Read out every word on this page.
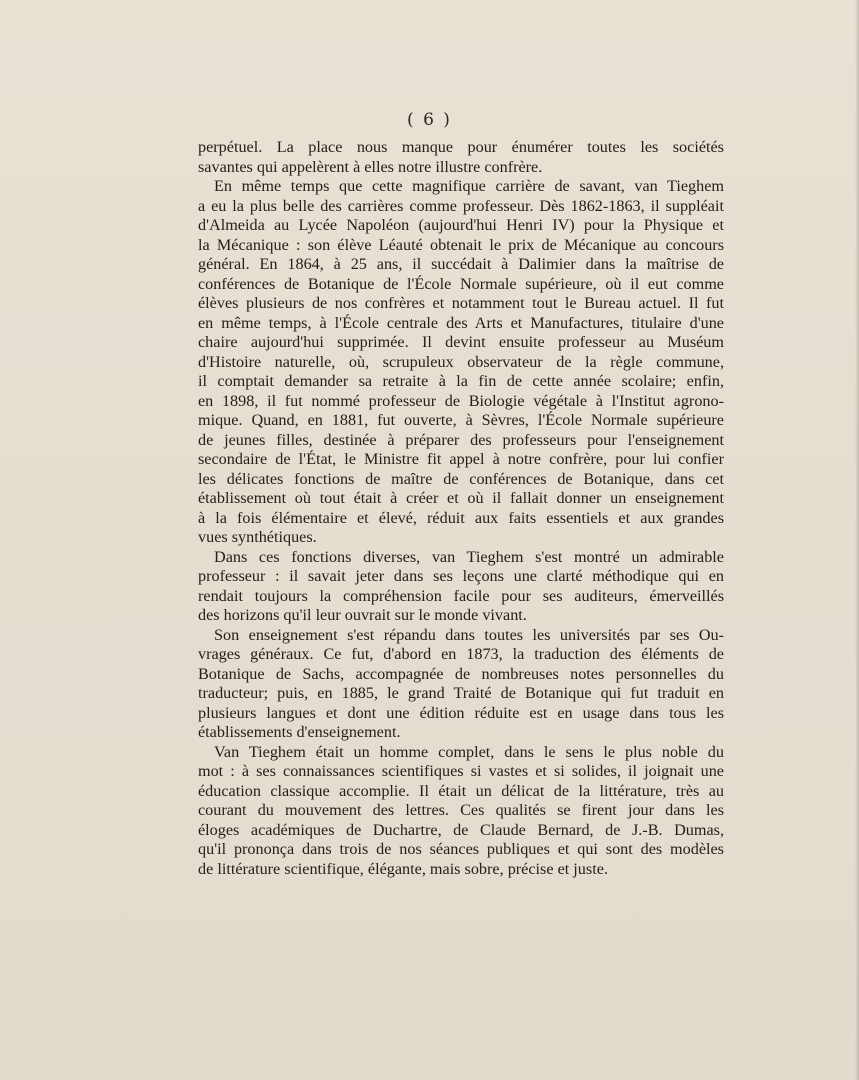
( 6 )
perpétuel. La place nous manque pour énumérer toutes les sociétés
savantes qui appelèrent à elles notre illustre confrère.
En même temps que cette magnifique carrière de savant, van Tieghem
a eu la plus belle des carrières comme professeur. Dès 1862-1863, il suppléait
d'Almeida au Lycée Napoléon (aujourd'hui Henri IV) pour la Physique et
la Mécanique : son élève Léauté obtenait le prix de Mécanique au concours
général. En 1864, à 25 ans, il succédait à Dalimier dans la maîtrise de
conférences de Botanique de l'École Normale supérieure, où il eut comme
élèves plusieurs de nos confrères et notamment tout le Bureau actuel. Il fut
en même temps, à l'École centrale des Arts et Manufactures, titulaire d'une
chaire aujourd'hui supprimée. Il devint ensuite professeur au Muséum
d'Histoire naturelle, où, scrupuleux observateur de la règle commune,
il comptait demander sa retraite à la fin de cette année scolaire; enfin,
en 1898, il fut nommé professeur de Biologie végétale à l'Institut agrono-
mique. Quand, en 1881, fut ouverte, à Sèvres, l'École Normale supérieure
de jeunes filles, destinée à préparer des professeurs pour l'enseignement
secondaire de l'État, le Ministre fit appel à notre confrère, pour lui confier
les délicates fonctions de maître de conférences de Botanique, dans cet
établissement où tout était à créer et où il fallait donner un enseignement
à la fois élémentaire et élevé, réduit aux faits essentiels et aux grandes
vues synthétiques.
Dans ces fonctions diverses, van Tieghem s'est montré un admirable
professeur : il savait jeter dans ses leçons une clarté méthodique qui en
rendait toujours la compréhension facile pour ses auditeurs, émerveillés
des horizons qu'il leur ouvrait sur le monde vivant.
Son enseignement s'est répandu dans toutes les universités par ses Ou-
vrages généraux. Ce fut, d'abord en 1873, la traduction des éléments de
Botanique de Sachs, accompagnée de nombreuses notes personnelles du
traducteur; puis, en 1885, le grand Traité de Botanique qui fut traduit en
plusieurs langues et dont une édition réduite est en usage dans tous les
établissements d'enseignement.
Van Tieghem était un homme complet, dans le sens le plus noble du
mot : à ses connaissances scientifiques si vastes et si solides, il joignait une
éducation classique accomplie. Il était un délicat de la littérature, très au
courant du mouvement des lettres. Ces qualités se firent jour dans les
éloges académiques de Duchartre, de Claude Bernard, de J.-B. Dumas,
qu'il prononça dans trois de nos séances publiques et qui sont des modèles
de littérature scientifique, élégante, mais sobre, précise et juste.
